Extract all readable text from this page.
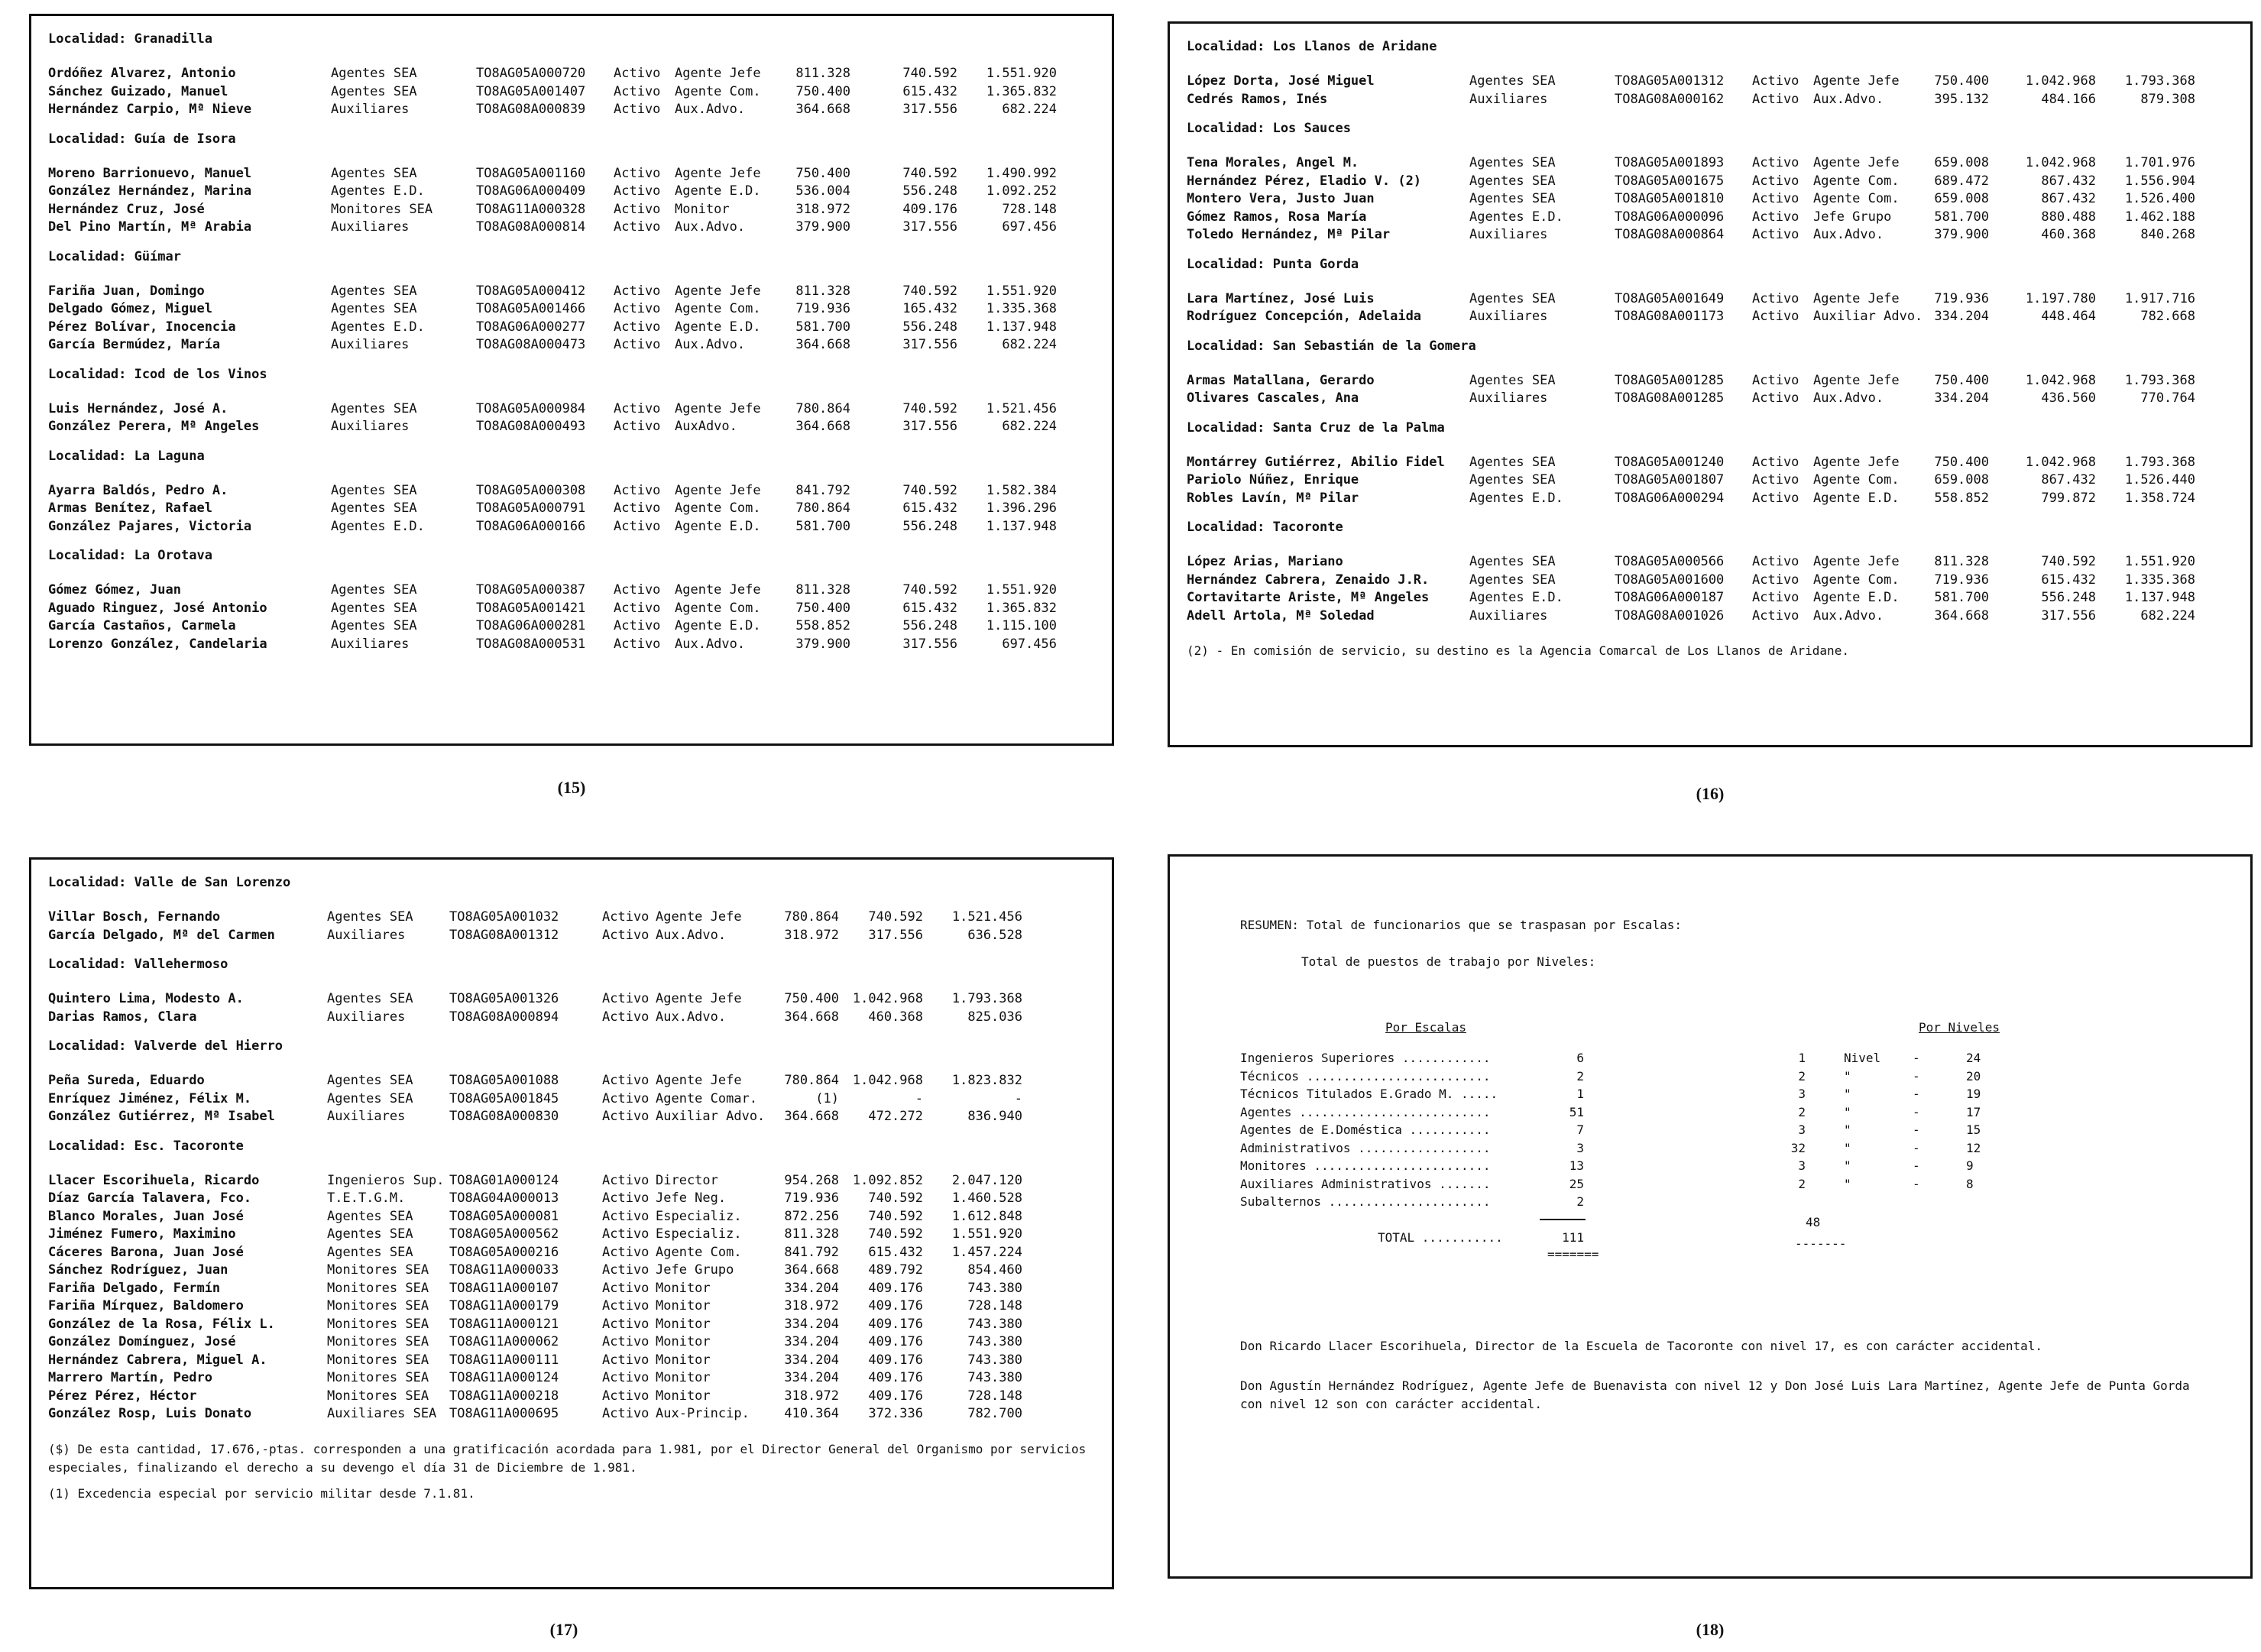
Localidad: Granadilla
Ordóñez Alvarez, Antonio	Agentes SEA	TO8AG05A000720	Activo	Agente Jefe	811.328	740.592	1.551.920
Sánchez Guizado, Manuel	Agentes SEA	TO8AG05A001407	Activo	Agente Com.	750.400	615.432	1.365.832
Hernández Carpio, Mª Nieve	Auxiliares	TO8AG08A000839	Activo	Aux.Advo.	364.668	317.556	682.224
Localidad: Guía de Isora
Moreno Barrionuevo, Manuel	Agentes SEA	TO8AG05A001160	Activo	Agente Jefe	750.400	740.592	1.490.992
González Hernández, Marina	Agentes E.D.	TO8AG06A000409	Activo	Agente E.D.	536.004	556.248	1.092.252
Hernández Cruz, José	Monitores SEA	TO8AG11A000328	Activo	Monitor	318.972	409.176	728.148
Del Pino Martín, Mª Arabia	Auxiliares	TO8AG08A000814	Activo	Aux.Advo.	379.900	317.556	697.456
Localidad: Güímar
Fariña Juan, Domingo	Agentes SEA	TO8AG05A000412	Activo	Agente Jefe	811.328	740.592	1.551.920
Delgado Gómez, Miguel	Agentes SEA	TO8AG05A001466	Activo	Agente Com.	719.936	165.432	1.335.368
Pérez Bolívar, Inocencia	Agentes E.D.	TO8AG06A000277	Activo	Agente E.D.	581.700	556.248	1.137.948
García Bermúdez, María	Auxiliares	TO8AG08A000473	Activo	Aux.Advo.	364.668	317.556	682.224
Localidad: Icod de los Vinos
Luis Hernández, José A.	Agentes SEA	TO8AG05A000984	Activo	Agente Jefe	780.864	740.592	1.521.456
González Perera, Mª Angeles	Auxiliares	TO8AG08A000493	Activo	AuxAdvo.	364.668	317.556	682.224
Localidad: La Laguna
Ayarra Baldós, Pedro A.	Agentes SEA	TO8AG05A000308	Activo	Agente Jefe	841.792	740.592	1.582.384
Armas Benítez, Rafael	Agentes SEA	TO8AG05A000791	Activo	Agente Com.	780.864	615.432	1.396.296
González Pajares, Victoria	Agentes E.D.	TO8AG06A000166	Activo	Agente E.D.	581.700	556.248	1.137.948
Localidad: La Orotava
Gómez Gómez, Juan	Agentes SEA	TO8AG05A000387	Activo	Agente Jefe	811.328	740.592	1.551.920
Aguado Ringuez, José Antonio	Agentes SEA	TO8AG05A001421	Activo	Agente Com.	750.400	615.432	1.365.832
García Castaños, Carmela	Agentes SEA	TO8AG06A000281	Activo	Agente E.D.	558.852	556.248	1.115.100
Lorenzo González, Candelaria	Auxiliares	TO8AG08A000531	Activo	Aux.Advo.	379.900	317.556	697.456
(15)
Localidad: Los Llanos de Aridane
López Dorta, José Miguel	Agentes SEA	TO8AG05A001312	Activo	Agente Jefe	750.400	1.042.968	1.793.368
Cedrés Ramos, Inés	Auxiliares	TO8AG08A000162	Activo	Aux.Advo.	395.132	484.166	879.308
Localidad: Los Sauces
Tena Morales, Angel M.	Agentes SEA	TO8AG05A001893	Activo	Agente Jefe	659.008	1.042.968	1.701.976
Hernández Pérez, Eladio V. (2)	Agentes SEA	TO8AG05A001675	Activo	Agente Com.	689.472	867.432	1.556.904
Montero Vera, Justo Juan	Agentes SEA	TO8AG05A001810	Activo	Agente Com.	659.008	867.432	1.526.400
Gómez Ramos, Rosa María	Agentes E.D.	TO8AG06A000096	Activo	Jefe Grupo	581.700	880.488	1.462.188
Toledo Hernández, Mª Pilar	Auxiliares	TO8AG08A000864	Activo	Aux.Advo.	379.900	460.368	840.268
Localidad: Punta Gorda
Lara Martínez, José Luis	Agentes SEA	TO8AG05A001649	Activo	Agente Jefe	719.936	1.197.780	1.917.716
Rodríguez Concepción, Adelaida	Auxiliares	TO8AG08A001173	Activo	Auxiliar Advo. 334.204	448.464	782.668
Localidad: San Sebastián de la Gomera
Armas Matallana, Gerardo	Agentes SEA	TO8AG05A001285	Activo	Agente Jefe	750.400	1.042.968	1.793.368
Olivares Cascales, Ana	Auxiliares	TO8AG08A001285	Activo	Aux.Advo.	334.204	436.560	770.764
Localidad: Santa Cruz de la Palma
Montárrey Gutiérrez, Abilio Fidel	Agentes SEA	TO8AG05A001240	Activo	Agente Jefe	750.400	1.042.968	1.793.368
Pariolo Núñez, Enrique	Agentes SEA	TO8AG05A001807	Activo	Agente Com.	659.008	867.432	1.526.440
Robles Lavín, Mª Pilar	Agentes E.D.	TO8AG06A000294	Activo	Agente E.D.	558.852	799.872	1.358.724
Localidad: Tacoronte
López Arias, Mariano	Agentes SEA	TO8AG05A000566	Activo	Agente Jefe	811.328	740.592	1.551.920
Hernández Cabrera, Zenaido J.R.	Agentes SEA	TO8AG05A001600	Activo	Agente Com.	719.936	615.432	1.335.368
Cortavitarte Ariste, Mª Angeles	Agentes E.D.	TO8AG06A000187	Activo	Agente E.D.	581.700	556.248	1.137.948
Adell Artola, Mª Soledad	Auxiliares	TO8AG08A001026	Activo	Aux.Advo.	364.668	317.556	682.224
(2) - En comisión de servicio, su destino es la Agencia Comarcal de Los Llanos de Aridane.
(16)
Localidad: Valle de San Lorenzo
Villar Bosch, Fernando	Agentes SEA	TO8AG05A001032	Activo Agente Jefe	780.864	740.592	1.521.456
García Delgado, Mª del Carmen	Auxiliares	TO8AG08A001312	Activo Aux.Advo.	318.972	317.556	636.528
Localidad: Vallehermoso
Quintero Lima, Modesto A.	Agentes SEA	TO8AG05A001326	Activo Agente Jefe	750.400	1.042.968	1.793.368
Darias Ramos, Clara	Auxiliares	TO8AG08A000894	Activo Aux.Advo.	364.668	460.368	825.036
Localidad: Valverde del Hierro
Peña Sureda, Eduardo	Agentes SEA	TO8AG05A001088	Activo Agente Jefe	780.864	1.042.968	1.823.832
Enríquez Jiménez, Félix M.	Agentes SEA	TO8AG05A001845	Activo Agente Comar.	(1)	-	-
González Gutiérrez, Mª Isabel	Auxiliares	TO8AG08A000830	Activo Auxiliar Advo.	364.668	472.272	836.940
Localidad: Esc. Tacoronte
Llacer Escorihuela, Ricardo	Ingenieros Sup. TO8AG01A000124	Activo Director	954.268	1.092.852	2.047.120
Díaz García Talavera, Fco.	T.E.T.G.M.	TO8AG04A000013	Activo Jefe Neg.	719.936	740.592	1.460.528
Blanco Morales, Juan José	Agentes SEA	TO8AG05A000081	Activo Especializ.	872.256	740.592	1.612.848
Jiménez Fumero, Maximino	Agentes SEA	TO8AG05A000562	Activo Especializ.	811.328	740.592	1.551.920
Cáceres Barona, Juan José	Agentes SEA	TO8AG05A000216	Activo Agente Com.	841.792	615.432	1.457.224
Sánchez Rodríguez, Juan	Monitores SEA	TO8AG11A000033	Activo Jefe Grupo	364.668	489.792	854.460
Fariña Delgado, Fermín	Monitores SEA	TO8AG11A000107	Activo Monitor	334.204	409.176	743.380
Fariña Mírquez, Baldomero	Monitores SEA	TO8AG11A000179	Activo Monitor	318.972	409.176	728.148
González de la Rosa, Félix L.	Monitores SEA	TO8AG11A000121	Activo Monitor	334.204	409.176	743.380
González Domínguez, José	Monitores SEA	TO8AG11A000062	Activo Monitor	334.204	409.176	743.380
Hernández Cabrera, Miguel A.	Monitores SEA	TO8AG11A000111	Activo Monitor	334.204	409.176	743.380
Marrero Martín, Pedro	Monitores SEA	TO8AG11A000124	Activo Monitor	334.204	409.176	743.380
Pérez Pérez, Héctor	Monitores SEA	TO8AG11A000218	Activo Monitor	318.972	409.176	728.148
González Rosp, Luis Donato	Auxiliares SEA TO8AG11A000695	Activo Aux-Princip.	410.364	372.336	782.700
($) De esta cantidad, 17.676,-ptas. corresponden a una gratificación acordada para 1.981, por el Director General del Organismo por servicios especiales, finalizando el derecho a su devengo el día 31 de Diciembre de 1.981.
(1) Excedencia especial por servicio militar desde 7.1.81.
(17)
RESUMEN: Total de funcionarios que se traspasan por Escalas:
Total de puestos de trabajo por Niveles:
Por Escalas	Por Niveles
Ingenieros Superiores ............	6	1	Nivel	-	24
Técnicos .........................	2	2	"	-	20
Técnicos Titulados E.Grado M. .....	1	3	"	-	19
Agentes ..........................	51	2	"	-	17
Agentes de E.Doméstica ...........	7	3	"	-	15
Administrativos ..................	3	32	"	-	12
Monitores ........................	13	3	"	-	9
Auxiliares Administrativos .......	25	2	"	-	8
Subalternos ......................	2
TOTAL ...........	111
48
-------
=======
Don Ricardo Llacer Escorihuela, Director de la Escuela de Tacoronte con nivel 17, es con carácter accidental.
Don Agustín Hernández Rodríguez, Agente Jefe de Buenavista con nivel 12 y Don José Luis Lara Martínez, Agente Jefe de Punta Gorda con nivel 12 son con carácter accidental.
(18)
